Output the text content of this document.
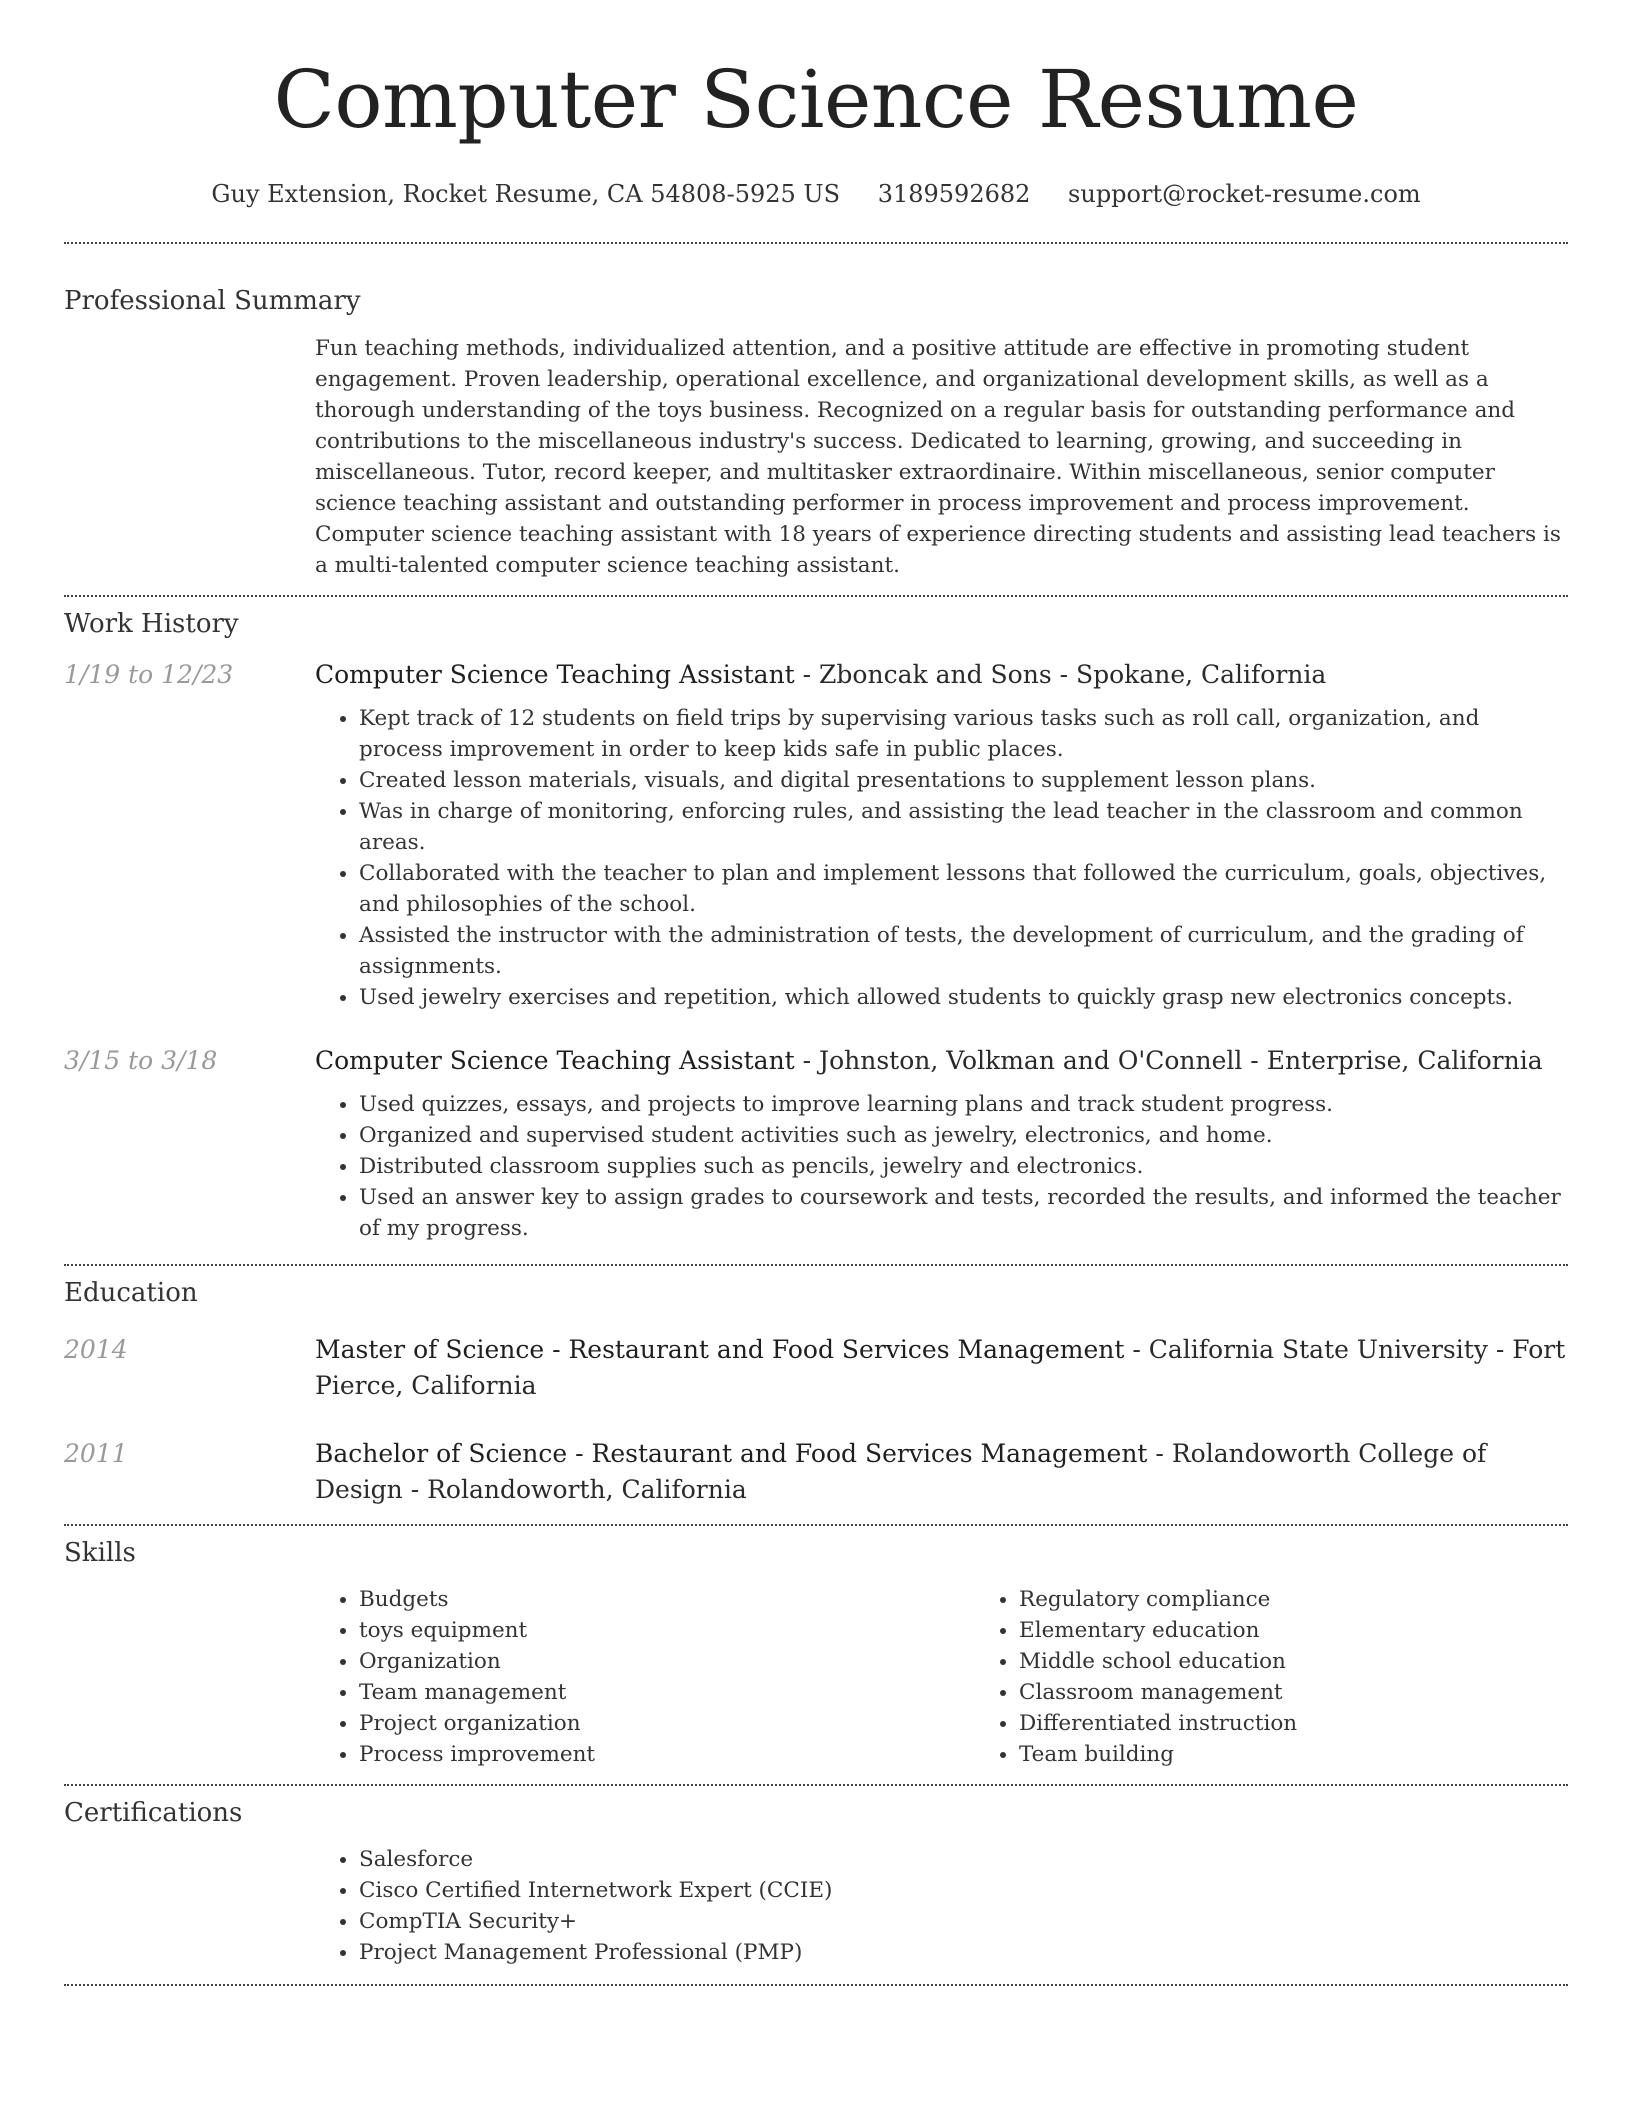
Computer Science Resume
Guy Extension, Rocket Resume, CA 54808-5925 US 3189592682 support@rocket-resume.com
Professional Summary
Fun teaching methods, individualized attention, and a positive attitude are effective in promoting student engagement. Proven leadership, operational excellence, and organizational development skills, as well as a thorough understanding of the toys business. Recognized on a regular basis for outstanding performance and contributions to the miscellaneous industry's success. Dedicated to learning, growing, and succeeding in miscellaneous. Tutor, record keeper, and multitasker extraordinaire. Within miscellaneous, senior computer science teaching assistant and outstanding performer in process improvement and process improvement. Computer science teaching assistant with 18 years of experience directing students and assisting lead teachers is a multi-talented computer science teaching assistant.
Work History
1/19 to 12/23	Computer Science Teaching Assistant - Zboncak and Sons - Spokane, California
• Kept track of 12 students on field trips by supervising various tasks such as roll call, organization, and process improvement in order to keep kids safe in public places.
• Created lesson materials, visuals, and digital presentations to supplement lesson plans.
• Was in charge of monitoring, enforcing rules, and assisting the lead teacher in the classroom and common areas.
• Collaborated with the teacher to plan and implement lessons that followed the curriculum, goals, objectives, and philosophies of the school.
• Assisted the instructor with the administration of tests, the development of curriculum, and the grading of assignments.
• Used jewelry exercises and repetition, which allowed students to quickly grasp new electronics concepts.
3/15 to 3/18	Computer Science Teaching Assistant - Johnston, Volkman and O'Connell - Enterprise, California
• Used quizzes, essays, and projects to improve learning plans and track student progress.
• Organized and supervised student activities such as jewelry, electronics, and home.
• Distributed classroom supplies such as pencils, jewelry and electronics.
• Used an answer key to assign grades to coursework and tests, recorded the results, and informed the teacher of my progress.
Education
2014	Master of Science - Restaurant and Food Services Management - California State University - Fort Pierce, California
2011	Bachelor of Science - Restaurant and Food Services Management - Rolandoworth College of Design - Rolandoworth, California
Skills
• Budgets
• toys equipment
• Organization
• Team management
• Project organization
• Process improvement
• Regulatory compliance
• Elementary education
• Middle school education
• Classroom management
• Differentiated instruction
• Team building
Certifications
• Salesforce
• Cisco Certified Internetwork Expert (CCIE)
• CompTIA Security+
• Project Management Professional (PMP)
